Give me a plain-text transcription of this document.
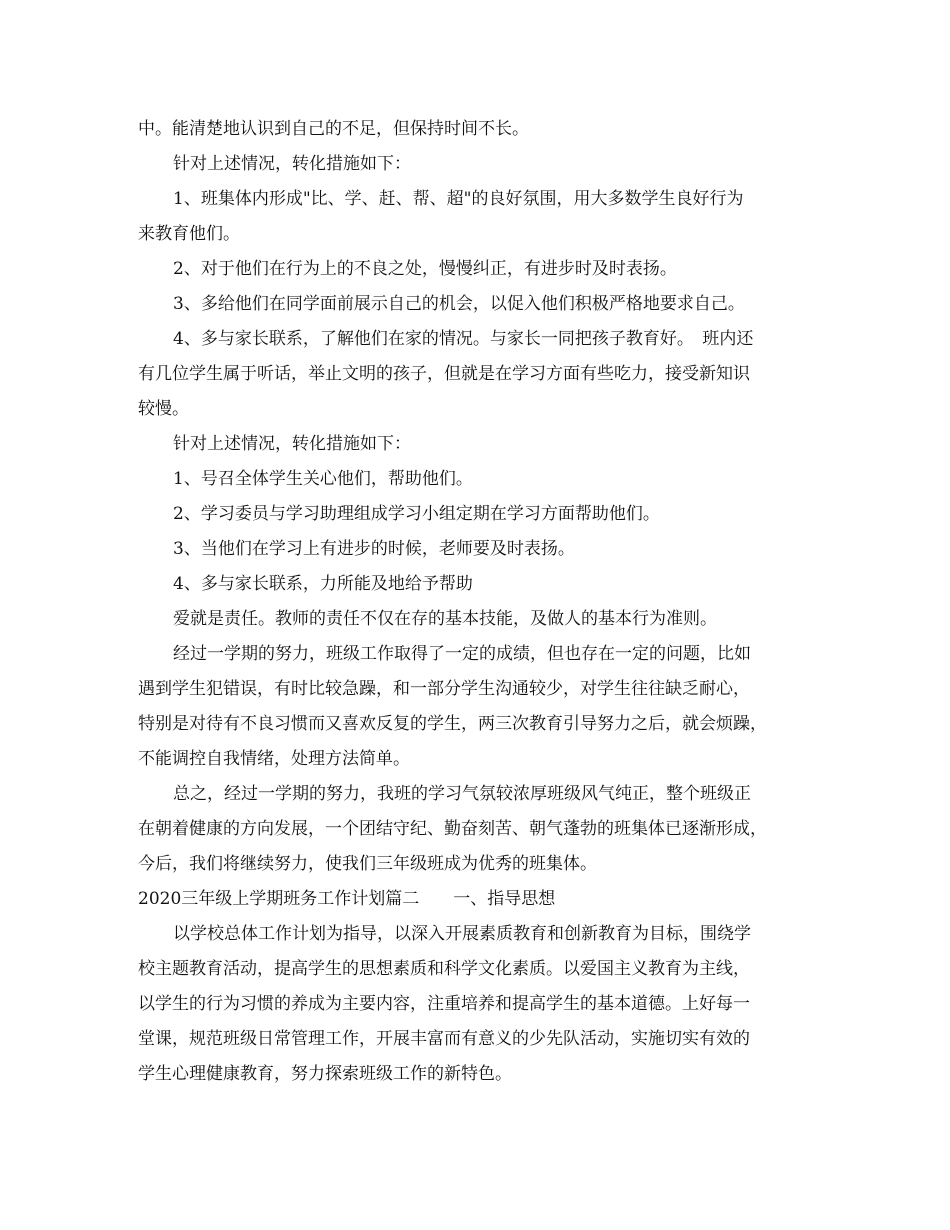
中。能清楚地认识到自己的不足，但保持时间不长。
针对上述情况，转化措施如下：
1、班集体内形成"比、学、赶、帮、超"的良好氛围，用大多数学生良好行为
来教育他们。
2、对于他们在行为上的不良之处，慢慢纠正，有进步时及时表扬。
3、多给他们在同学面前展示自己的机会，以促入他们积极严格地要求自己。
4、多与家长联系，了解他们在家的情况。与家长一同把孩子教育好。　班内还
有几位学生属于听话，举止文明的孩子，但就是在学习方面有些吃力，接受新知识
较慢。
针对上述情况，转化措施如下：
1、号召全体学生关心他们，帮助他们。
2、学习委员与学习助理组成学习小组定期在学习方面帮助他们。
3、当他们在学习上有进步的时候，老师要及时表扬。
4、多与家长联系，力所能及地给予帮助
爱就是责任。教师的责任不仅在存的基本技能，及做人的基本行为准则。
经过一学期的努力，班级工作取得了一定的成绩，但也存在一定的问题，比如
遇到学生犯错误，有时比较急躁，和一部分学生沟通较少，对学生往往缺乏耐心，
特别是对待有不良习惯而又喜欢反复的学生，两三次教育引导努力之后，就会烦躁，
不能调控自我情绪，处理方法简单。
总之，经过一学期的努力，我班的学习气氛较浓厚班级风气纯正，整个班级正
在朝着健康的方向发展，一个团结守纪、勤奋刻苦、朝气蓬勃的班集体已逐渐形成，
今后，我们将继续努力，使我们三年级班成为优秀的班集体。
2020三年级上学期班务工作计划篇二　　一、指导思想
以学校总体工作计划为指导，以深入开展素质教育和创新教育为目标，围绕学
校主题教育活动，提高学生的思想素质和科学文化素质。以爱国主义教育为主线，
以学生的行为习惯的养成为主要内容，注重培养和提高学生的基本道德。上好每一
堂课，规范班级日常管理工作，开展丰富而有意义的少先队活动，实施切实有效的
学生心理健康教育，努力探索班级工作的新特色。
